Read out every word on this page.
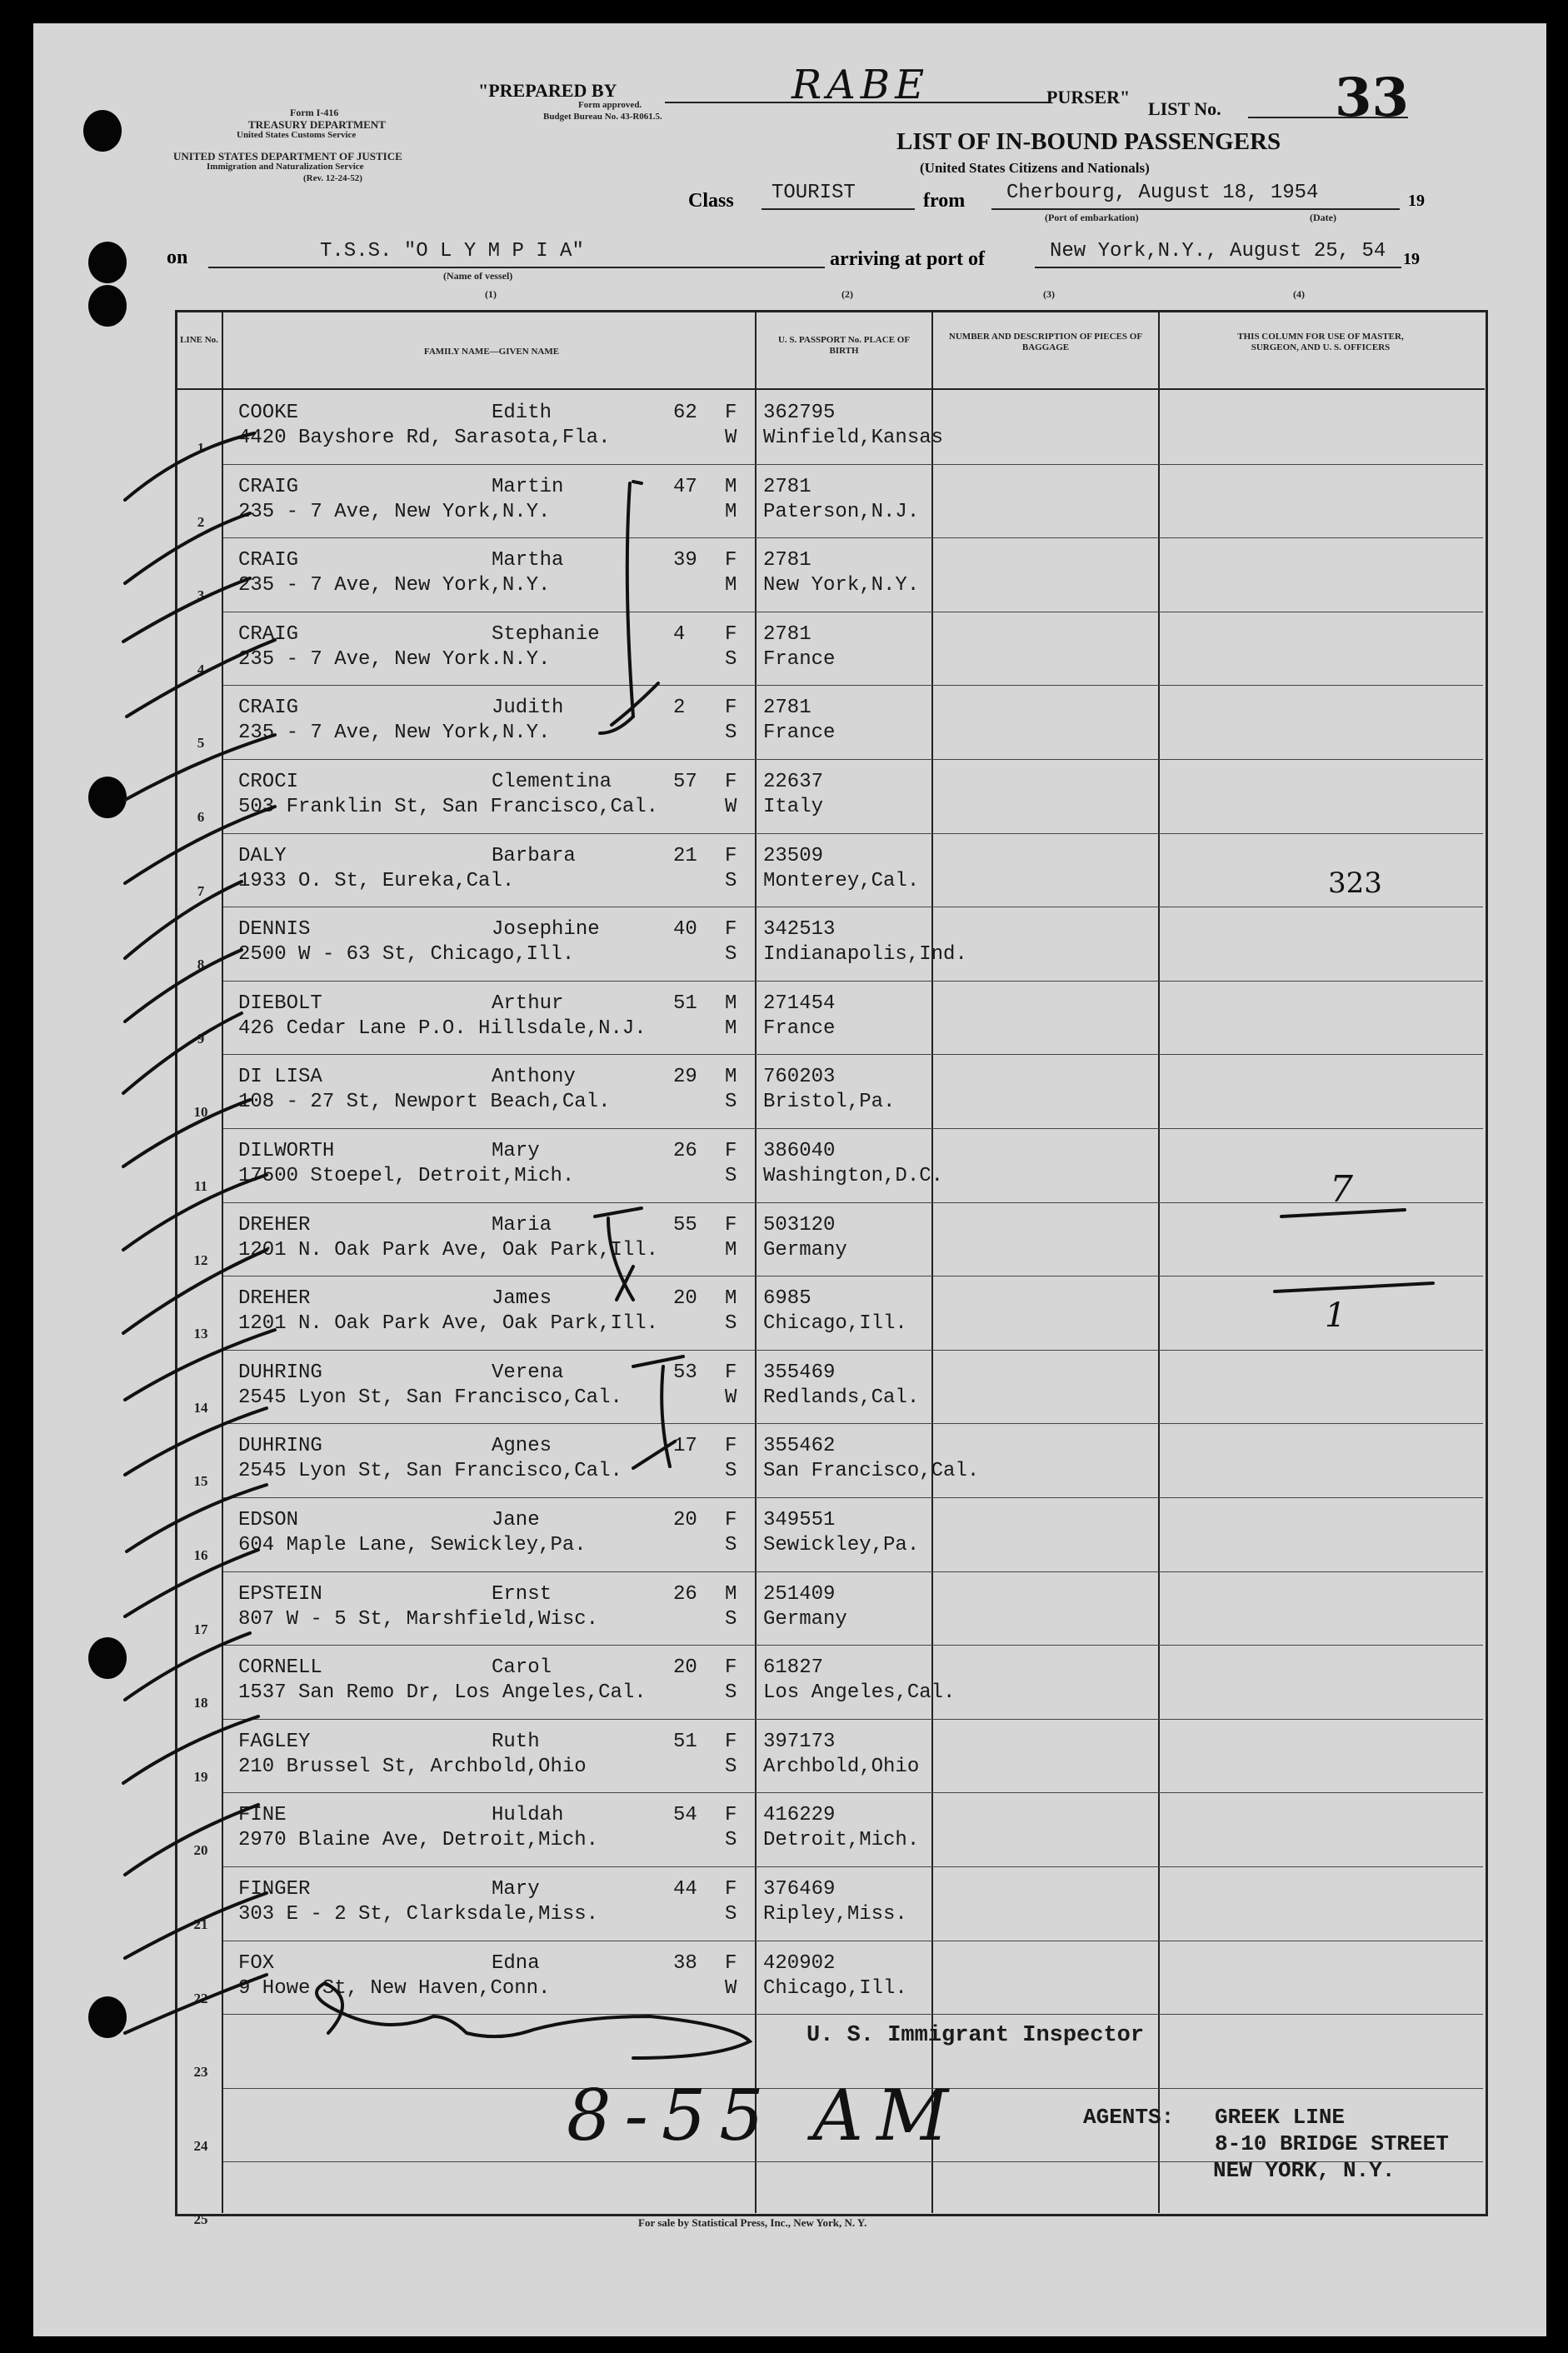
Form I-416
TREASURY DEPARTMENT
United States Customs Service
UNITED STATES DEPARTMENT OF JUSTICE
Immigration and Naturalization Service
(Rev. 12-24-52)
"PREPARED BY	RABE
Form approved.
Budget Bureau No. 43-R061.5.
PURSER"
LIST No. 33
LIST OF IN-BOUND PASSENGERS
(United States Citizens and Nationals)
Class TOURIST	from Cherbourg, August 18, 1954	19
(Port of embarkation)	(Date)
on	T.S.S. "O L Y M P I A"
(Name of vessel)
arriving at port of	New York,N.Y., August 25, 54 19
(1)	(2)	(3)	(4)
LINE No.
FAMILY NAME—GIVEN NAME
U. S. PASSPORT No. PLACE OF BIRTH
NUMBER AND DESCRIPTION OF PIECES OF BAGGAGE
THIS COLUMN FOR USE OF MASTER, SURGEON, AND U. S. OFFICERS
1
COOKE	Edith	62 F
4420 Bayshore Rd, Sarasota,Fla.	W
362795
Winfield,Kansas
2
CRAIG	Martin	47 M
235 - 7 Ave, New York,N.Y.	M
2781
Paterson,N.J.
3
CRAIG	Martha	39 F
235 - 7 Ave, New York,N.Y.	M
2781
New York,N.Y.
4
CRAIG	Stephanie	4 F
235 - 7 Ave, New York.N.Y.	S
2781
France
5
CRAIG	Judith	2 F
235 - 7 Ave, New York,N.Y.	S
2781
France
6
CROCI	Clementina	57 F
503 Franklin St, San Francisco,Cal.	W
22637
Italy
7
DALY	Barbara	21 F
1933 O. St, Eureka,Cal.	S
23509
Monterey,Cal.
8
DENNIS	Josephine	40 F
2500 W - 63 St, Chicago,Ill.	S
342513
Indianapolis,Ind.
9
DIEBOLT	Arthur	51 M
426 Cedar Lane P.O. Hillsdale,N.J.	M
271454
France
10
DI LISA	Anthony	29 M
108 - 27 St, Newport Beach,Cal.	S
760203
Bristol,Pa.
11
DILWORTH	Mary	26 F
17500 Stoepel, Detroit,Mich.	S
386040
Washington,D.C.
12
DREHER	Maria	55 F
1201 N. Oak Park Ave, Oak Park,Ill.	M
503120
Germany
13
DREHER	James	20 M
1201 N. Oak Park Ave, Oak Park,Ill.	S
6985
Chicago,Ill.
14
DUHRING	Verena	53 F
2545 Lyon St, San Francisco,Cal.	W
355469
Redlands,Cal.
15
DUHRING	Agnes	17 F
2545 Lyon St, San Francisco,Cal.	S
355462
San Francisco,Cal.
16
EDSON	Jane	20 F
604 Maple Lane, Sewickley,Pa.	S
349551
Sewickley,Pa.
17
EPSTEIN	Ernst	26 M
807 W - 5 St, Marshfield,Wisc.	S
251409
Germany
18
CORNELL	Carol	20 F
1537 San Remo Dr, Los Angeles,Cal.	S
61827
Los Angeles,Cal.
19
FAGLEY	Ruth	51 F
210 Brussel St, Archbold,Ohio	S
397173
Archbold,Ohio
20
FINE	Huldah	54 F
2970 Blaine Ave, Detroit,Mich.	S
416229
Detroit,Mich.
21
FINGER	Mary	44 F
303 E - 2 St, Clarksdale,Miss.	S
376469
Ripley,Miss.
22
FOX	Edna	38 F
9 Howe St, New Haven,Conn.	W
420902
Chicago,Ill.
23
24
25
323
7
1
8-55 AM
U. S. Immigrant Inspector
AGENTS: GREEK LINE
8-10 BRIDGE STREET
NEW YORK, N.Y.
For sale by Statistical Press, Inc., New York, N. Y.
